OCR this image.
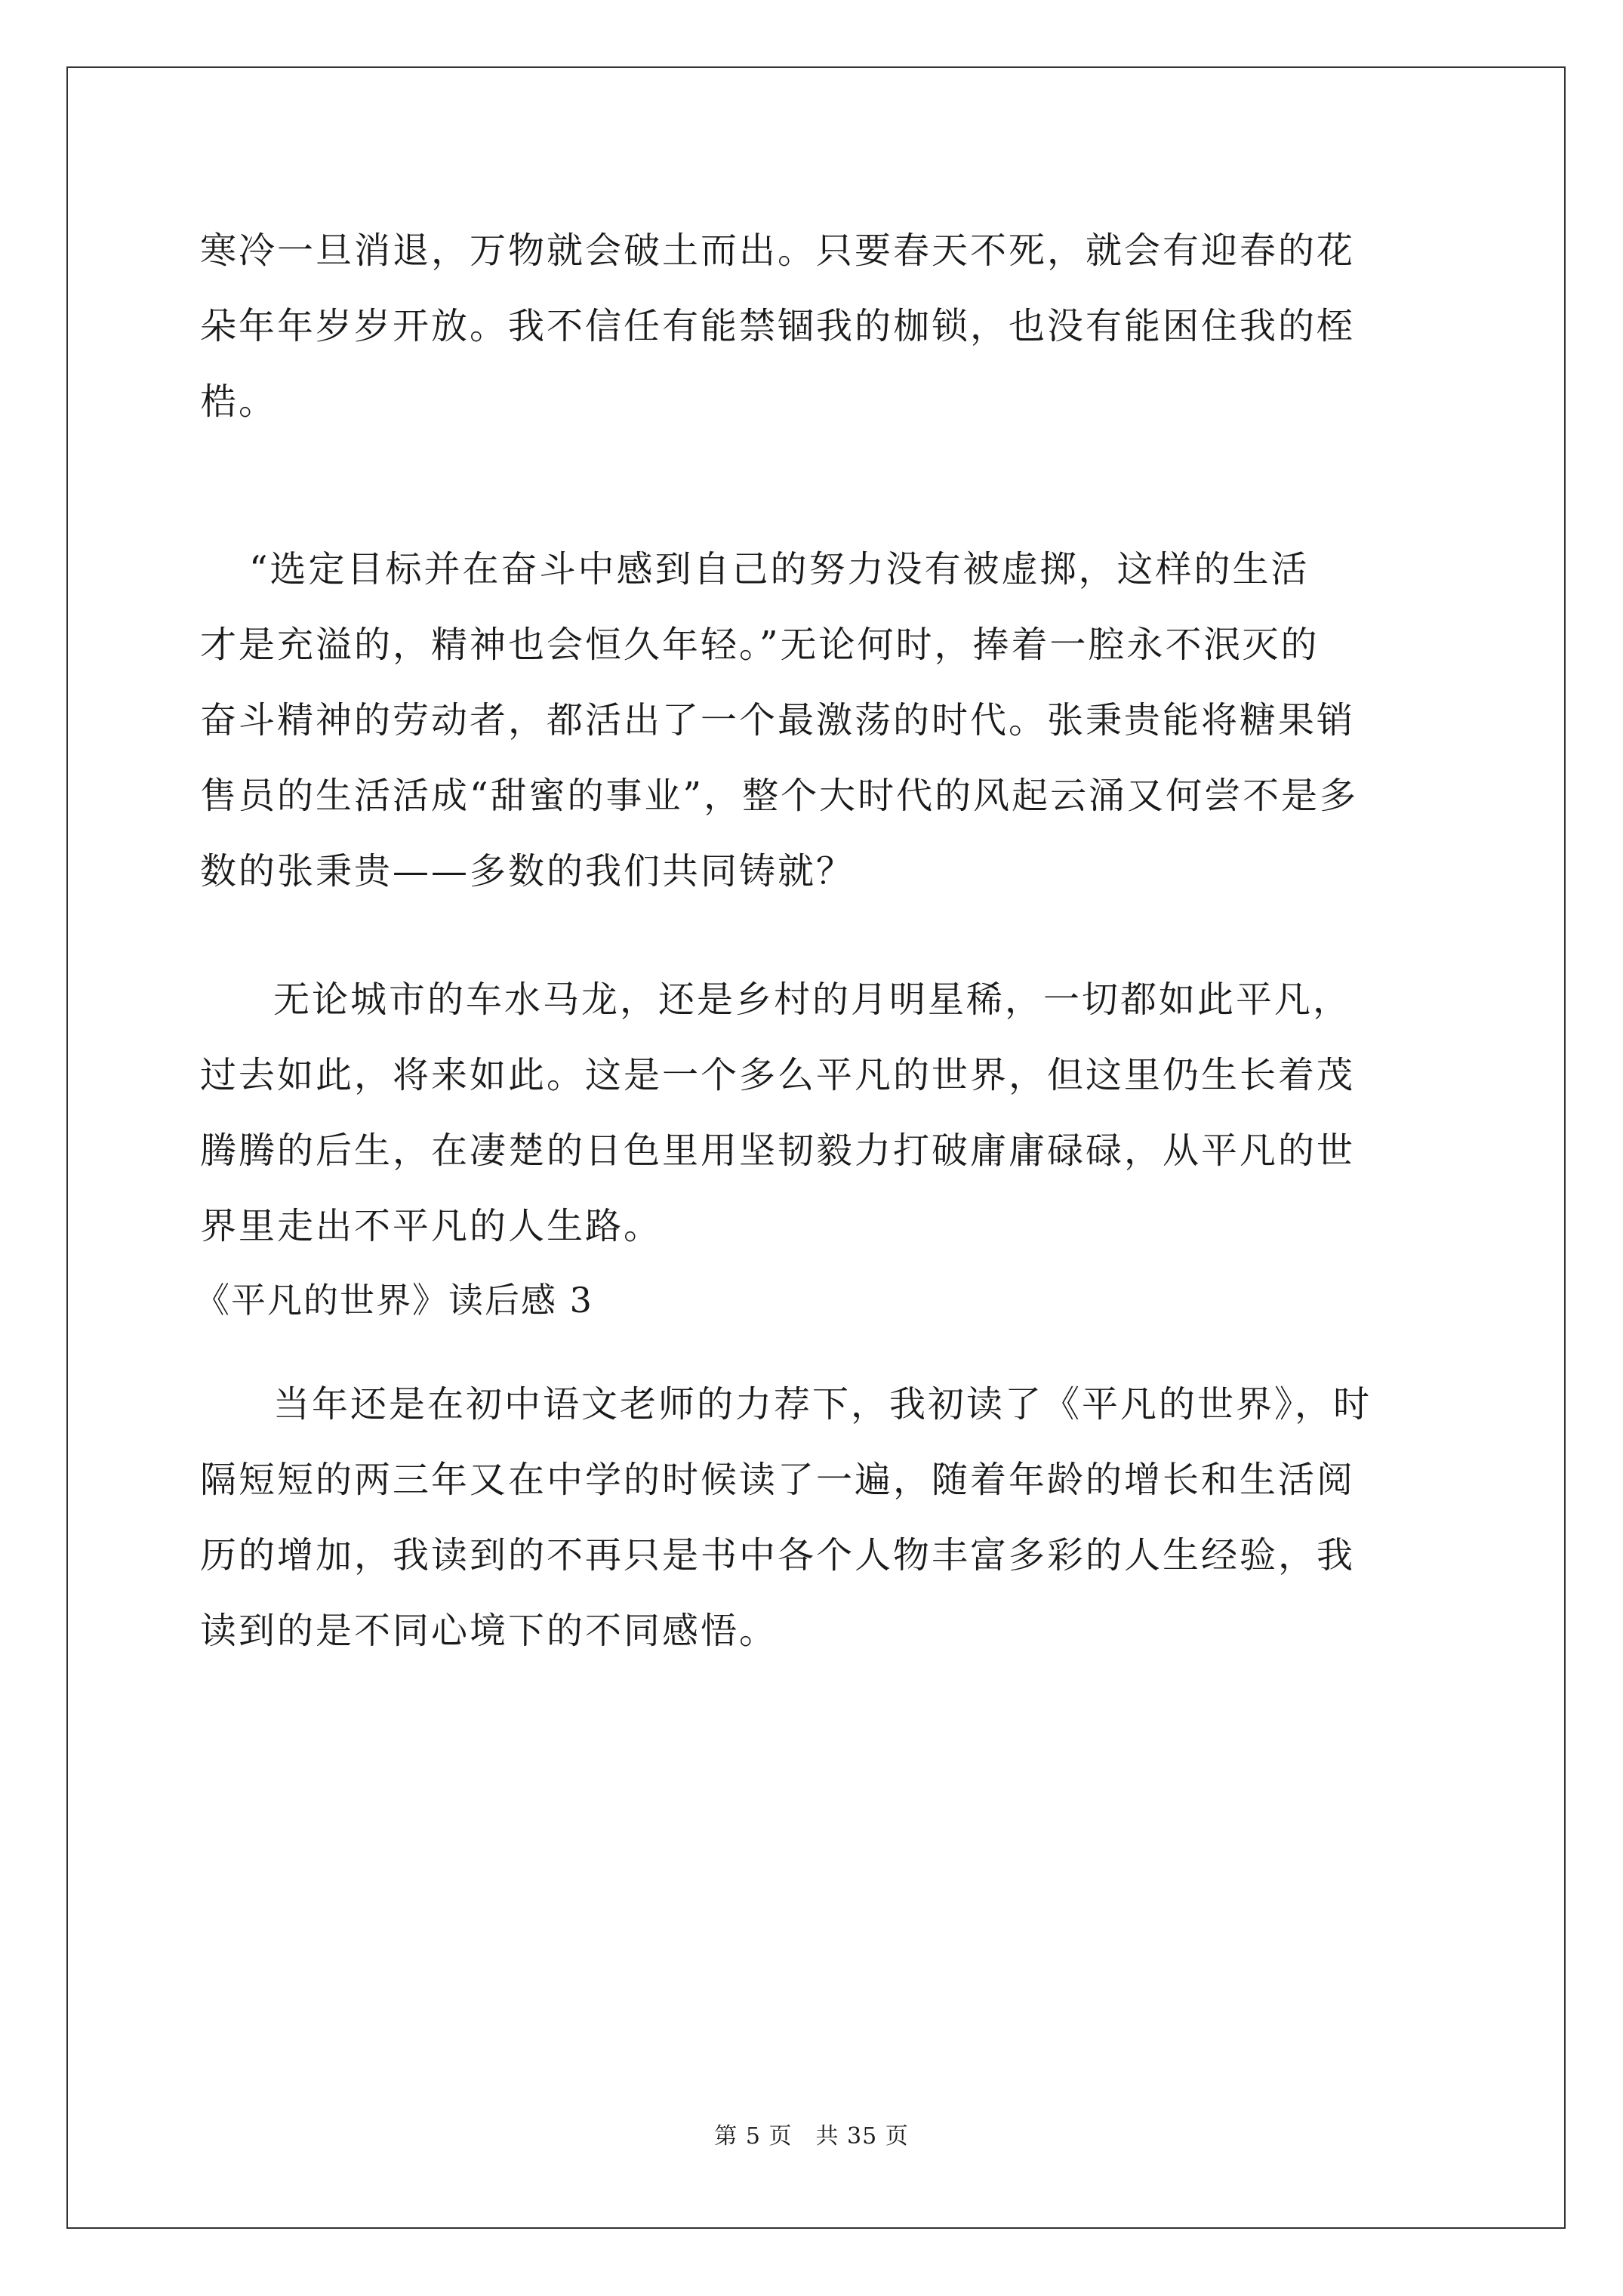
寒冷一旦消退，万物就会破土而出。只要春天不死，就会有迎春的花
朵年年岁岁开放。我不信任有能禁锢我的枷锁，也没有能困住我的桎
梏。
“选定目标并在奋斗中感到自己的努力没有被虚掷，这样的生活
才是充溢的，精神也会恒久年轻。”无论何时，捧着一腔永不泯灭的
奋斗精神的劳动者，都活出了一个最激荡的时代。张秉贵能将糖果销
售员的生活活成“甜蜜的事业”，整个大时代的风起云涌又何尝不是多
数的张秉贵——多数的我们共同铸就？
无论城市的车水马龙，还是乡村的月明星稀，一切都如此平凡，
过去如此，将来如此。这是一个多么平凡的世界，但这里仍生长着茂
腾腾的后生，在凄楚的日色里用坚韧毅力打破庸庸碌碌，从平凡的世
界里走出不平凡的人生路。
《平凡的世界》读后感 3
当年还是在初中语文老师的力荐下，我初读了《平凡的世界》，时
隔短短的两三年又在中学的时候读了一遍，随着年龄的增长和生活阅
历的增加，我读到的不再只是书中各个人物丰富多彩的人生经验，我
读到的是不同心境下的不同感悟。
第 5 页　共 35 页
